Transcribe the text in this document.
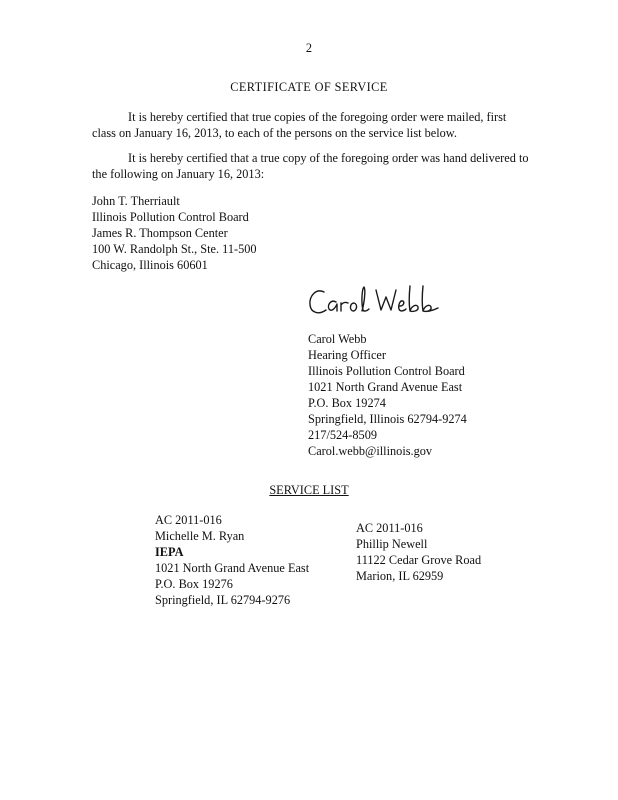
2
CERTIFICATE OF SERVICE
It is hereby certified that true copies of the foregoing order were mailed, first class on January 16, 2013, to each of the persons on the service list below.
It is hereby certified that a true copy of the foregoing order was hand delivered to the following on January 16, 2013:
John T. Therriault
Illinois Pollution Control Board
James R. Thompson Center
100 W. Randolph St., Ste. 11-500
Chicago, Illinois 60601
Carol Webb
Hearing Officer
Illinois Pollution Control Board
1021 North Grand Avenue East
P.O. Box 19274
Springfield, Illinois 62794-9274
217/524-8509
Carol.webb@illinois.gov
SERVICE LIST
AC 2011-016
Michelle M. Ryan
IEPA
1021 North Grand Avenue East
P.O. Box 19276
Springfield, IL 62794-9276
AC 2011-016
Phillip Newell
11122 Cedar Grove Road
Marion, IL 62959
